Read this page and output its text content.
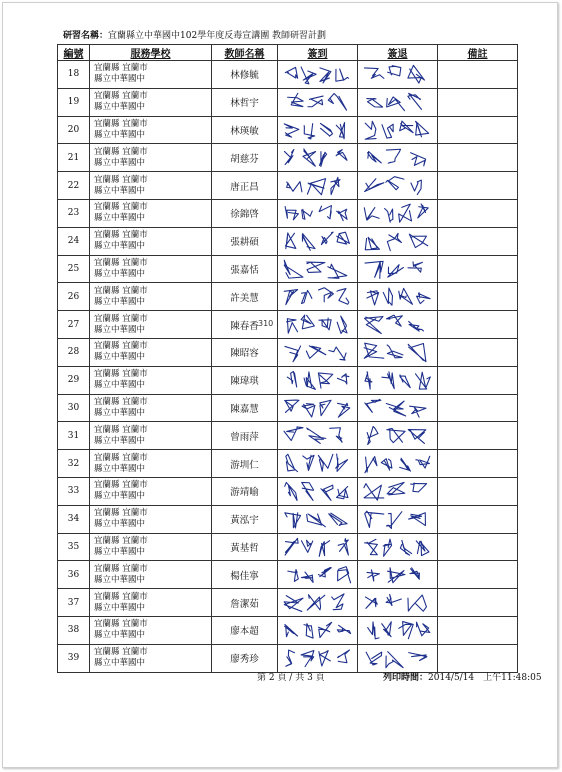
研習名稱：宜蘭縣立中華國中102學年度反毒宣講團 教師研習計劃
編號	服務學校	教師名稱	簽到	簽退	備註
18	宜蘭縣 宜蘭市
縣立中華國中	林修毓	

19	宜蘭縣 宜蘭市
縣立中華國中	林哲宇	

20	宜蘭縣 宜蘭市
縣立中華國中	林瑛敏	

21	宜蘭縣 宜蘭市
縣立中華國中	胡慈芬	

22	宜蘭縣 宜蘭市
縣立中華國中	唐正昌	

23	宜蘭縣 宜蘭市
縣立中華國中	徐錦啓	

24	宜蘭縣 宜蘭市
縣立中華國中	張耕碩	

25	宜蘭縣 宜蘭市
縣立中華國中	張嘉恬	

26	宜蘭縣 宜蘭市
縣立中華國中	許美慧	

27	宜蘭縣 宜蘭市
縣立中華國中	陳春香	

28	宜蘭縣 宜蘭市
縣立中華國中	陳昭容	

29	宜蘭縣 宜蘭市
縣立中華國中	陳瑋琪	

30	宜蘭縣 宜蘭市
縣立中華國中	陳嘉慧	

31	宜蘭縣 宜蘭市
縣立中華國中	曾雨萍	

32	宜蘭縣 宜蘭市
縣立中華國中	游圳仁	

33	宜蘭縣 宜蘭市
縣立中華國中	游靖喻	

34	宜蘭縣 宜蘭市
縣立中華國中	黃泓宇	

35	宜蘭縣 宜蘭市
縣立中華國中	黃基哲	

36	宜蘭縣 宜蘭市
縣立中華國中	楊佳寧	

37	宜蘭縣 宜蘭市
縣立中華國中	詹潔茹	

38	宜蘭縣 宜蘭市
縣立中華國中	廖本超	

39	宜蘭縣 宜蘭市
縣立中華國中	廖秀珍	

310
第 2 頁 / 共 3 頁	列印時間：2014/5/14　上午11:48:05
